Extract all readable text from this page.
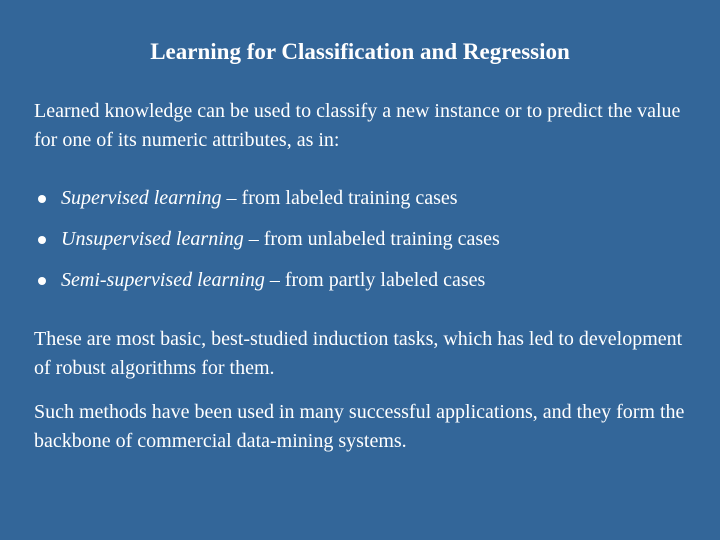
Learning for Classification and Regression

Learned knowledge can be used to classify a new instance or to predict the value for one of its numeric attributes, as in:

Supervised learning – from labeled training cases
Unsupervised learning – from unlabeled training cases
Semi-supervised learning – from partly labeled cases

These are most basic, best-studied induction tasks, which has led to development of robust algorithms for them.

Such methods have been used in many successful applications, and they form the backbone of commercial data-mining systems.
